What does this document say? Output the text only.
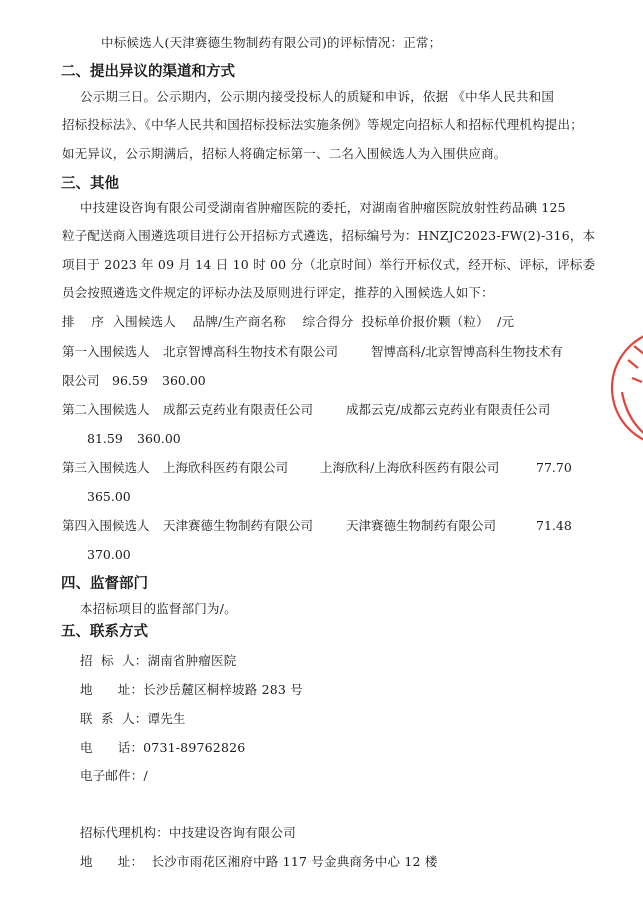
中标候选人(天津赛德生物制药有限公司)的评标情况：正常；
二、提出异议的渠道和方式
公示期三日。公示期内，公示期内接受投标人的质疑和申诉，依据 《中华人民共和国
招标投标法》、《中华人民共和国招标投标法实施条例》等规定向招标人和招标代理机构提出；
如无异议，公示期满后，招标人将确定标第一、二名入围候选人为入围供应商。
三、其他
中技建设咨询有限公司受湖南省肿瘤医院的委托，对湖南省肿瘤医院放射性药品碘 125
粒子配送商入围遴选项目进行公开招标方式遴选，招标编号为：HNZJC2023-FW(2)-316，本
项目于 2023 年 09 月 14 日 10 时 00 分（北京时间）举行开标仪式，经开标、评标，评标委
员会按照遴选文件规定的评标办法及原则进行评定，推荐的入围候选人如下：
排    序  入围候选人    品牌/生产商名称    综合得分  投标单价报价颗（粒）  /元
第一入围候选人 北京智博高科生物技术有限公司	智博高科/北京智博高科生物技术有
限公司 96.59 360.00
第二入围候选人 成都云克药业有限责任公司	成都云克/成都云克药业有限责任公司
81.59 360.00
第三入围候选人 上海欣科医药有限公司	上海欣科/上海欣科医药有限公司	77.70
365.00
第四入围候选人 天津赛德生物制药有限公司	天津赛德生物制药有限公司	71.48
370.00
四、监督部门
本招标项目的监督部门为/。
五、联系方式
招  标  人：湖南省肿瘤医院
地      址：长沙岳麓区桐梓坡路 283 号
联  系  人：谭先生
电      话：0731-89762826
电子邮件：/
招标代理机构：中技建设咨询有限公司
地      址：  长沙市雨花区湘府中路 117 号金典商务中心 12 楼
